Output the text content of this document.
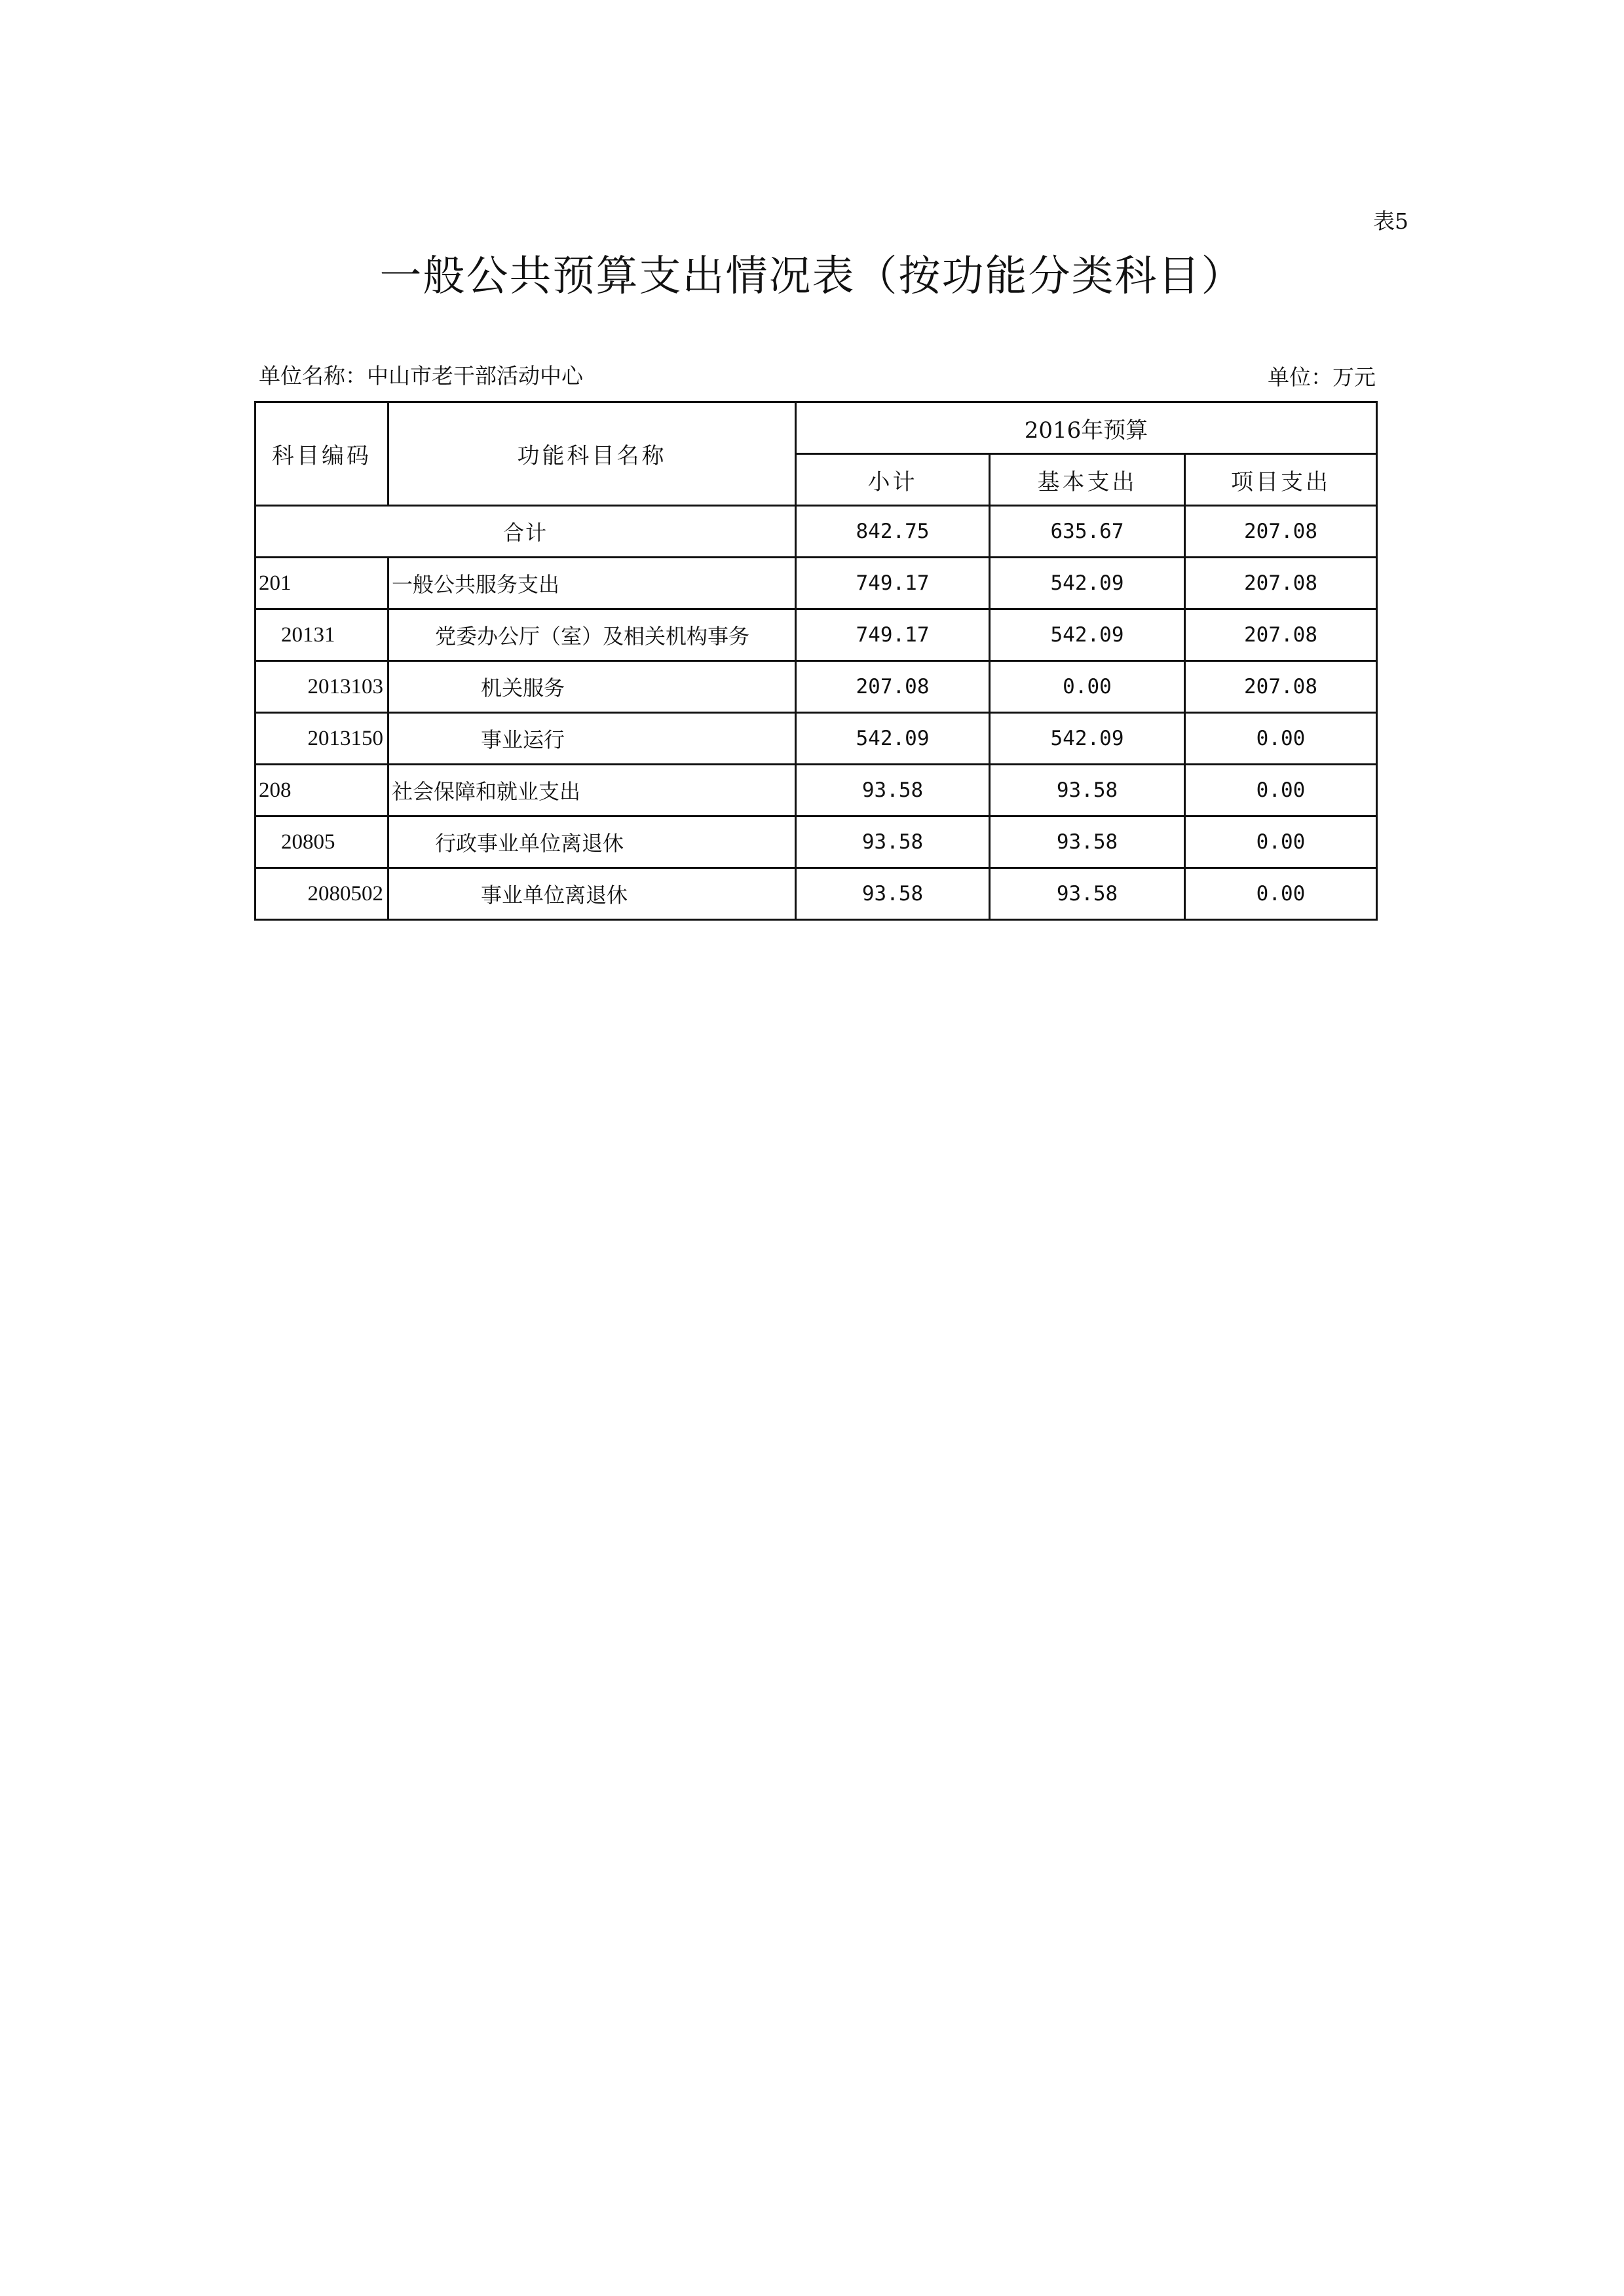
表5
一般公共预算支出情况表（按功能分类科目）
单位名称：中山市老干部活动中心	单位：万元
科目编码	功能科目名称	2016年预算		
		小计	基本支出	项目支出
合计		842.75	635.67	207.08
201	一般公共服务支出	749.17	542.09	207.08
20131	党委办公厅（室）及相关机构事务	749.17	542.09	207.08
2013103	机关服务	207.08	0.00	207.08
2013150	事业运行	542.09	542.09	0.00
208	社会保障和就业支出	93.58	93.58	0.00
20805	行政事业单位离退休	93.58	93.58	0.00
2080502	事业单位离退休	93.58	93.58	0.00
